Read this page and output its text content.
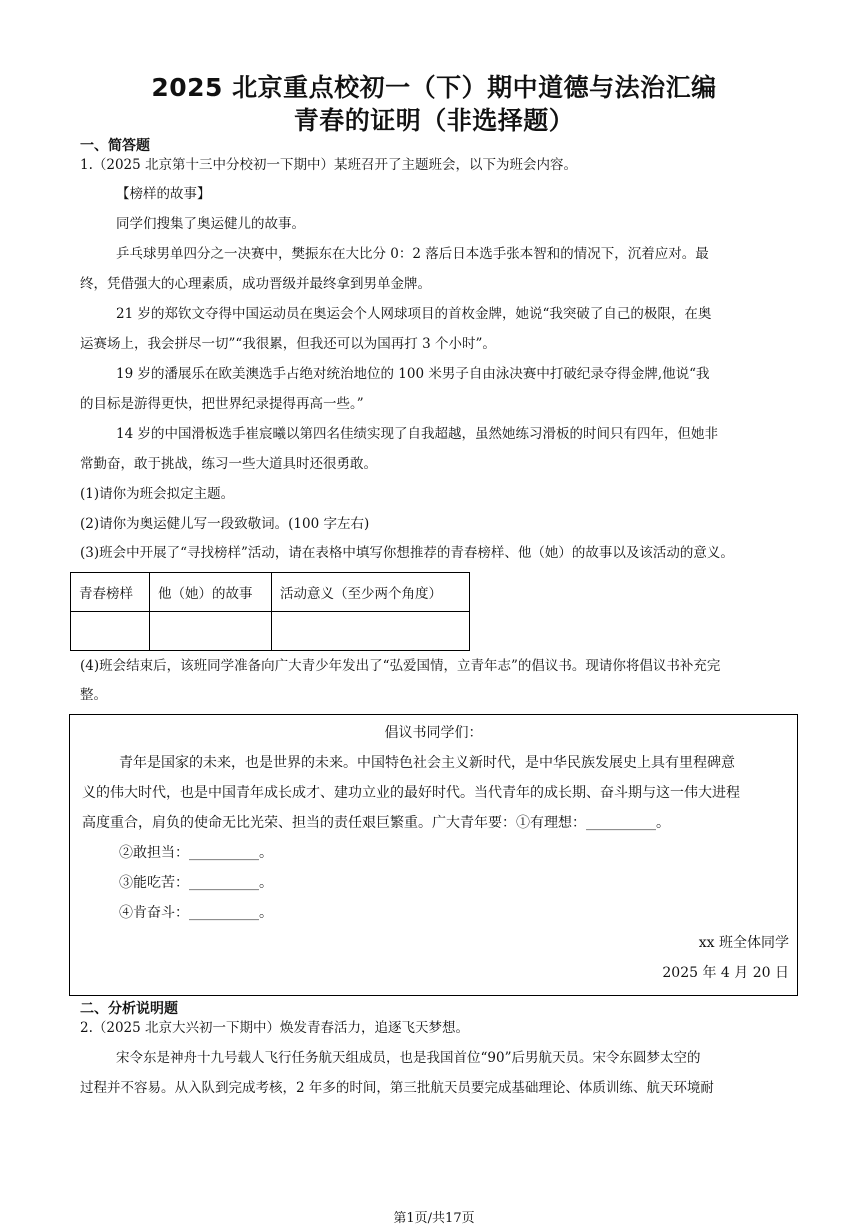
2025 北京重点校初一（下）期中道德与法治汇编
青春的证明（非选择题）
一、简答题
1.（2025 北京第十三中分校初一下期中）某班召开了主题班会，以下为班会内容。
【榜样的故事】
同学们搜集了奥运健儿的故事。
乒乓球男单四分之一决赛中，樊振东在大比分 0：2 落后日本选手张本智和的情况下，沉着应对。最
终，凭借强大的心理素质，成功晋级并最终拿到男单金牌。
21 岁的郑钦文夺得中国运动员在奥运会个人网球项目的首枚金牌，她说“我突破了自己的极限，在奥
运赛场上，我会拼尽一切”“我很累，但我还可以为国再打 3 个小时”。
19 岁的潘展乐在欧美澳选手占绝对统治地位的 100 米男子自由泳决赛中打破纪录夺得金牌,他说“我
的目标是游得更快，把世界纪录提得再高一些。”
14 岁的中国滑板选手崔宸曦以第四名佳绩实现了自我超越，虽然她练习滑板的时间只有四年，但她非
常勤奋，敢于挑战，练习一些大道具时还很勇敢。
(1)请你为班会拟定主题。
(2)请你为奥运健儿写一段致敬词。(100 字左右)
(3)班会中开展了“寻找榜样”活动，请在表格中填写你想推荐的青春榜样、他（她）的故事以及该活动的意义。
青春榜样	他（她）的故事	活动意义（至少两个角度）

(4)班会结束后，该班同学准备向广大青少年发出了“弘爱国情，立青年志”的倡议书。现请你将倡议书补充完
整。
倡议书同学们：
青年是国家的未来，也是世界的未来。中国特色社会主义新时代，是中华民族发展史上具有里程碑意
义的伟大时代，也是中国青年成长成才、建功立业的最好时代。当代青年的成长期、奋斗期与这一伟大进程
高度重合，肩负的使命无比光荣、担当的责任艰巨繁重。广大青年要：①有理想：__________。
②敢担当：__________。
③能吃苦：__________。
④肯奋斗：__________。
xx 班全体同学
2025 年 4 月 20 日
二、分析说明题
2.（2025 北京大兴初一下期中）焕发青春活力，追逐飞天梦想。
宋令东是神舟十九号载人飞行任务航天组成员，也是我国首位“90”后男航天员。宋令东圆梦太空的
过程并不容易。从入队到完成考核，2 年多的时间，第三批航天员要完成基础理论、体质训练、航天环境耐
第1页/共17页
